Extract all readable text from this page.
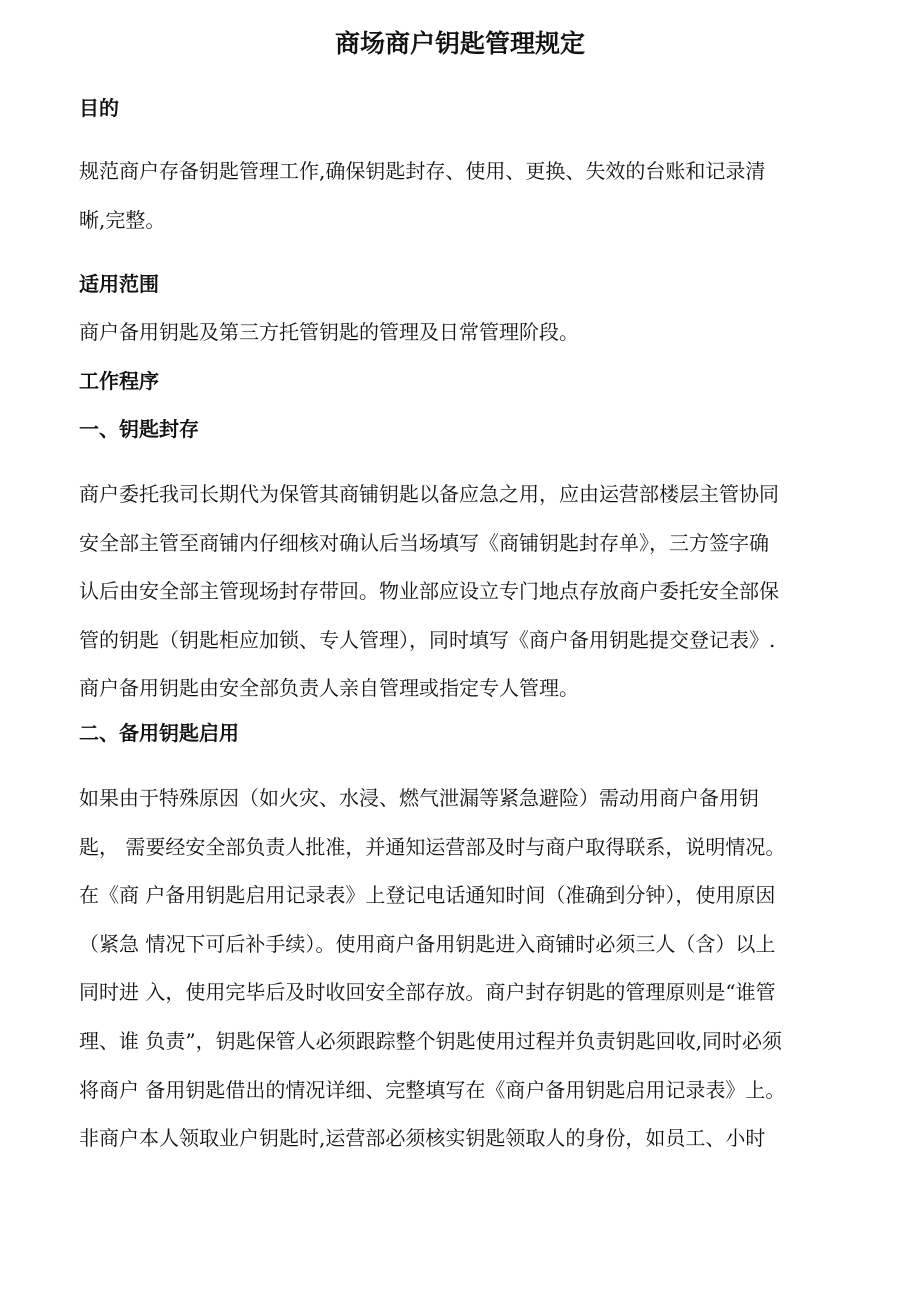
商场商户钥匙管理规定
目的
规范商户存备钥匙管理工作,确保钥匙封存、使用、更换、失效的台账和记录清
晰,完整。
适用范围
商户备用钥匙及第三方托管钥匙的管理及日常管理阶段。
工作程序
一、钥匙封存
商户委托我司长期代为保管其商铺钥匙以备应急之用，应由运营部楼层主管协同
安全部主管至商铺内仔细核对确认后当场填写《商铺钥匙封存单》，三方签字确
认后由安全部主管现场封存带回。物业部应设立专门地点存放商户委托安全部保
管的钥匙（钥匙柜应加锁、专人管理），同时填写《商户备用钥匙提交登记表》.
商户备用钥匙由安全部负责人亲自管理或指定专人管理。
二、备用钥匙启用
如果由于特殊原因（如火灾、水浸、燃气泄漏等紧急避险）需动用商户备用钥
匙， 需要经安全部负责人批准，并通知运营部及时与商户取得联系，说明情况。
在《商 户备用钥匙启用记录表》上登记电话通知时间（准确到分钟），使用原因
（紧急 情况下可后补手续）。使用商户备用钥匙进入商铺时必须三人（含）以上
同时进 入，使用完毕后及时收回安全部存放。商户封存钥匙的管理原则是“谁管
理、谁 负责”，钥匙保管人必须跟踪整个钥匙使用过程并负责钥匙回收,同时必须
将商户 备用钥匙借出的情况详细、完整填写在《商户备用钥匙启用记录表》上。
非商户本人领取业户钥匙时,运营部必须核实钥匙领取人的身份，如员工、小时
